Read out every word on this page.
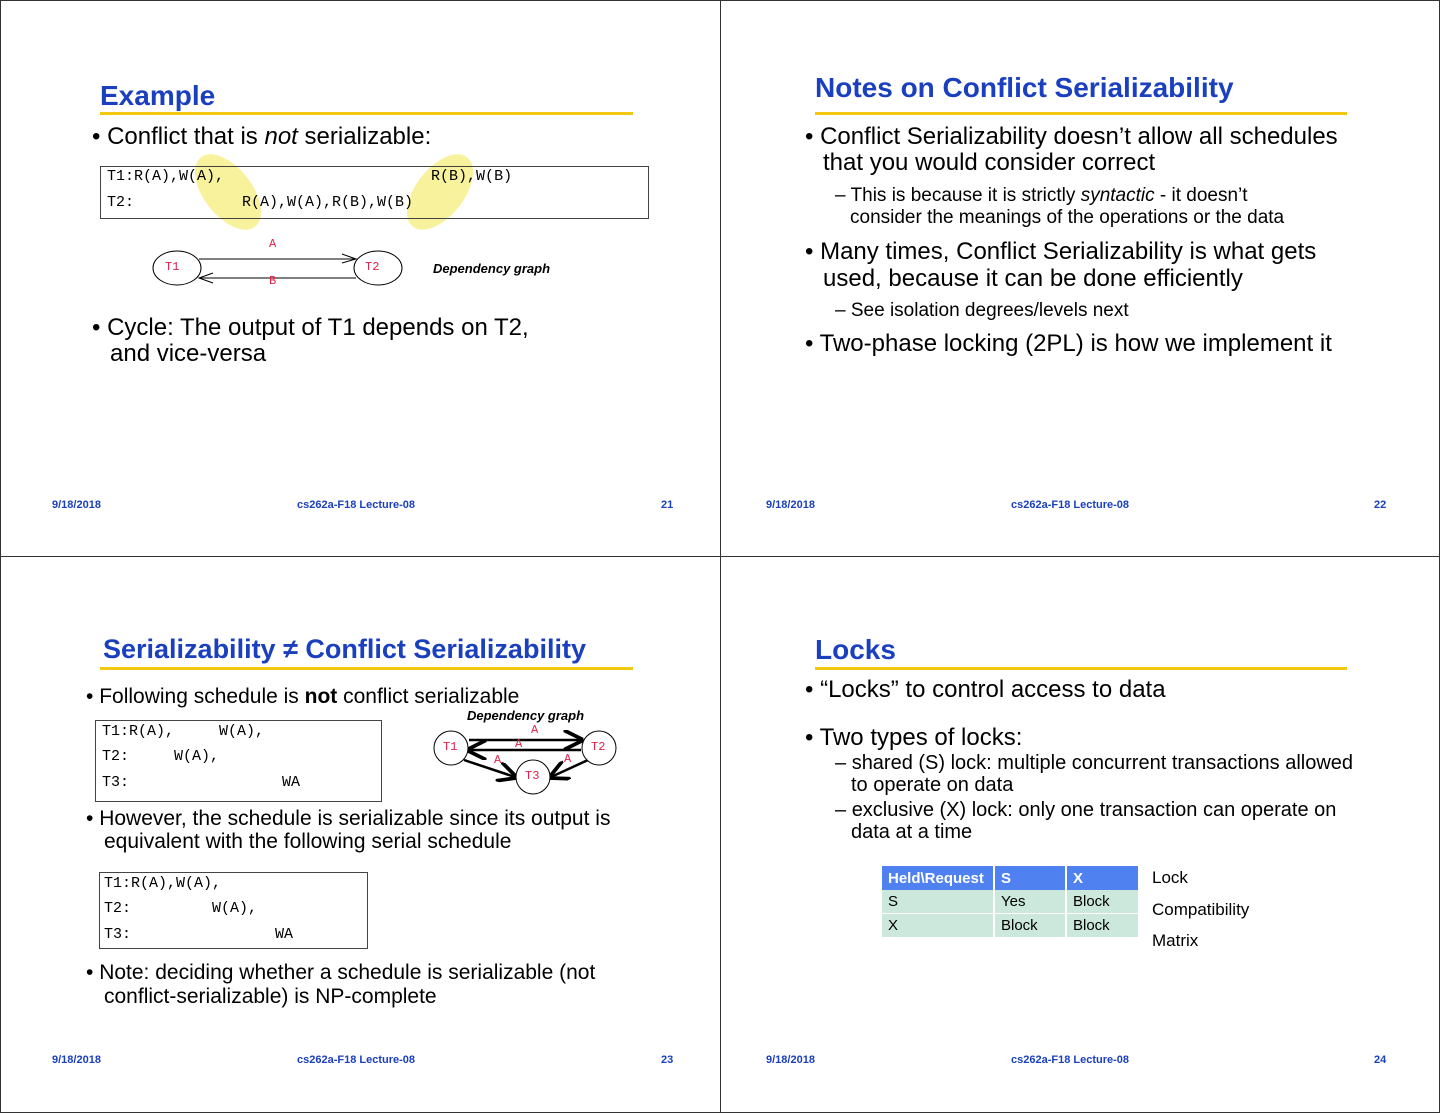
Example
• Conflict that is not serializable:
T1:R(A),W(A),                       R(B),W(B)
T2:            R(A),W(A),R(B),W(B)
T1	T2
A
B
Dependency graph
• Cycle: The output of T1 depends on T2,
and vice-versa
9/18/2018	cs262a-F18 Lecture-08	21
Notes on Conflict Serializability
• Conflict Serializability doesn’t allow all schedules
that you would consider correct
– This is because it is strictly syntactic - it doesn’t
consider the meanings of the operations or the data
• Many times, Conflict Serializability is what gets
used, because it can be done efficiently
– See isolation degrees/levels next
• Two-phase locking (2PL) is how we implement it
9/18/2018	cs262a-F18 Lecture-08	22
Serializability ≠ Conflict Serializability
• Following schedule is not conflict serializable
T1:R(A),     W(A),
T2:     W(A),
T3:                 WA
Dependency graph
T1	T2
T3
A
A
A	A
• However, the schedule is serializable since its output is
equivalent with the following serial schedule
T1:R(A),W(A),
T2:         W(A),
T3:                WA
• Note: deciding whether a schedule is serializable (not
conflict-serializable) is NP-complete
9/18/2018	cs262a-F18 Lecture-08	23
Locks
• “Locks” to control access to data
• Two types of locks:
– shared (S) lock: multiple concurrent transactions allowed
to operate on data
– exclusive (X) lock: only one transaction can operate on
data at a time
Held\Request	S	X
S	Yes	Block
X	Block	Block
Lock
Compatibility
Matrix
9/18/2018	cs262a-F18 Lecture-08	24
